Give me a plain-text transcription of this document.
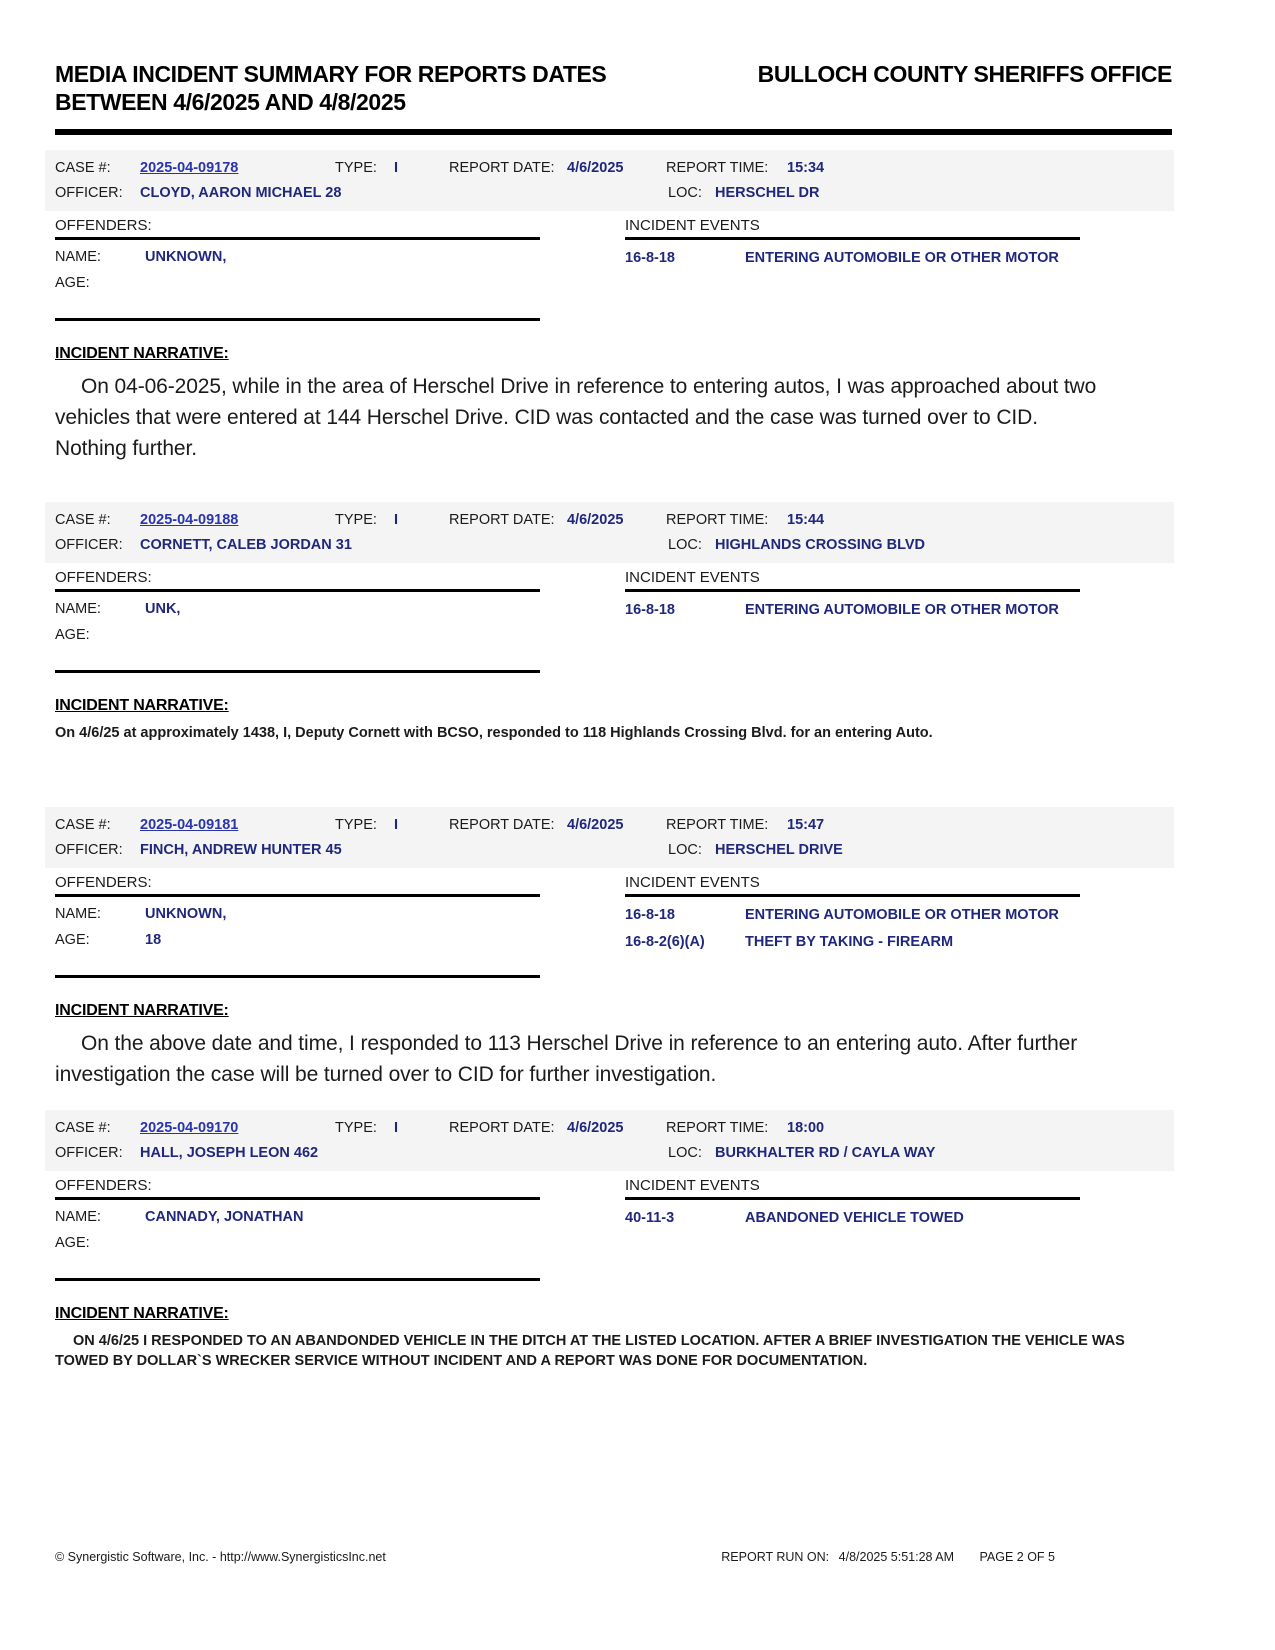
MEDIA INCIDENT SUMMARY FOR REPORTS DATES
BETWEEN 4/6/2025 AND 4/8/2025
BULLOCH COUNTY SHERIFFS OFFICE
CASE #:	2025-04-09178	TYPE:	I	REPORT DATE: 4/6/2025	REPORT TIME:	15:34
OFFICER:	CLOYD, AARON MICHAEL 28	LOC: HERSCHEL DR
OFFENDERS:
NAME:	UNKNOWN,
AGE:
INCIDENT EVENTS
16-8-18	ENTERING AUTOMOBILE OR OTHER MOTOR
INCIDENT NARRATIVE:

On 04-06-2025, while in the area of Herschel Drive in reference to entering autos, I was approached about two vehicles that were entered at 144 Herschel Drive. CID was contacted and the case was turned over to CID. Nothing further.

CASE #:	2025-04-09188	TYPE:	I	REPORT DATE: 4/6/2025	REPORT TIME:	15:44
OFFICER:	CORNETT, CALEB JORDAN 31	LOC: HIGHLANDS CROSSING BLVD
OFFENDERS:
NAME:	UNK,
AGE:
INCIDENT EVENTS
16-8-18	ENTERING AUTOMOBILE OR OTHER MOTOR
INCIDENT NARRATIVE:

On 4/6/25 at approximately 1438, I, Deputy Cornett with BCSO, responded to 118 Highlands Crossing Blvd. for an entering Auto.

CASE #:	2025-04-09181	TYPE:	I	REPORT DATE: 4/6/2025	REPORT TIME:	15:47
OFFICER:	FINCH, ANDREW HUNTER 45	LOC: HERSCHEL DRIVE
OFFENDERS:
NAME:	UNKNOWN,
AGE:	18
INCIDENT EVENTS
16-8-18	ENTERING AUTOMOBILE OR OTHER MOTOR
16-8-2(6)(A)	THEFT BY TAKING - FIREARM
INCIDENT NARRATIVE:

On the above date and time, I responded to 113 Herschel Drive in reference to an entering auto. After further investigation the case will be turned over to CID for further investigation.

CASE #:	2025-04-09170	TYPE:	I	REPORT DATE: 4/6/2025	REPORT TIME:	18:00
OFFICER:	HALL, JOSEPH LEON 462	LOC: BURKHALTER RD / CAYLA WAY
OFFENDERS:
NAME:	CANNADY, JONATHAN
AGE:
INCIDENT EVENTS
40-11-3	ABANDONED VEHICLE TOWED
INCIDENT NARRATIVE:

ON 4/6/25 I RESPONDED TO AN ABANDONDED VEHICLE IN THE DITCH AT THE LISTED LOCATION. AFTER A BRIEF INVESTIGATION THE VEHICLE WAS TOWED BY DOLLAR`S WRECKER SERVICE WITHOUT INCIDENT AND A REPORT WAS DONE FOR DOCUMENTATION.

© Synergistic Software, Inc. - http://www.SynergisticsInc.net	REPORT RUN ON: 4/8/2025 5:51:28 AM PAGE 2 OF 5
